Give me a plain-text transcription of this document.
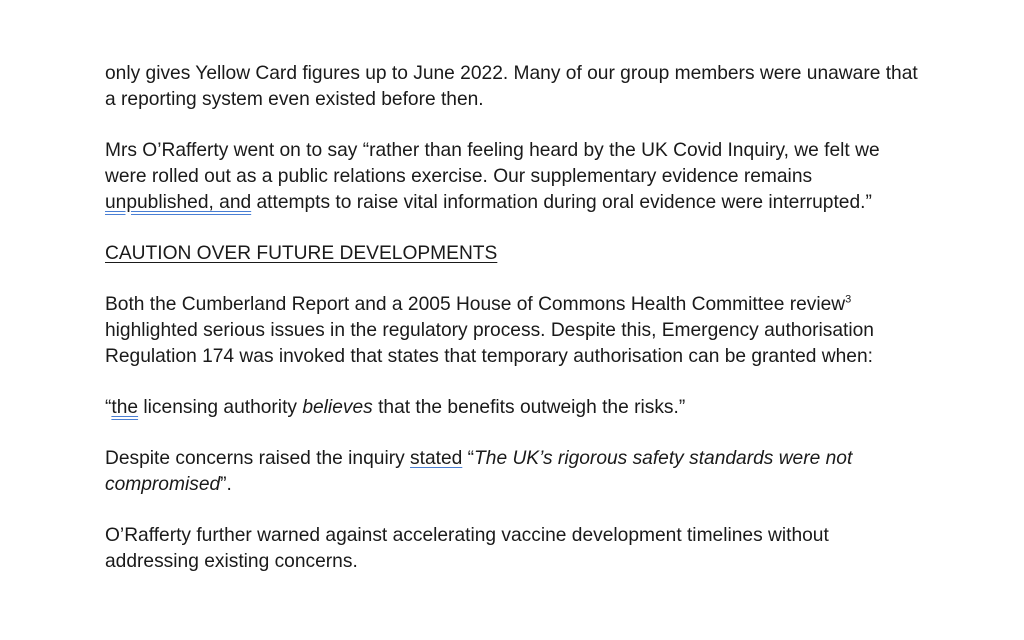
only gives Yellow Card figures up to June 2022. Many of our group members were unaware that a reporting system even existed before then.

Mrs O’Rafferty went on to say “rather than feeling heard by the UK Covid Inquiry, we felt we were rolled out as a public relations exercise. Our supplementary evidence remains unpublished, and attempts to raise vital information during oral evidence were interrupted.”

CAUTION OVER FUTURE DEVELOPMENTS

Both the Cumberland Report and a 2005 House of Commons Health Committee review$^3$ highlighted serious issues in the regulatory process. Despite this, Emergency authorisation Regulation 174 was invoked that states that temporary authorisation can be granted when:

“the licensing authority believes that the benefits outweigh the risks.”

Despite concerns raised the inquiry stated “The UK’s rigorous safety standards were not compromised”.

O’Rafferty further warned against accelerating vaccine development timelines without addressing existing concerns.
